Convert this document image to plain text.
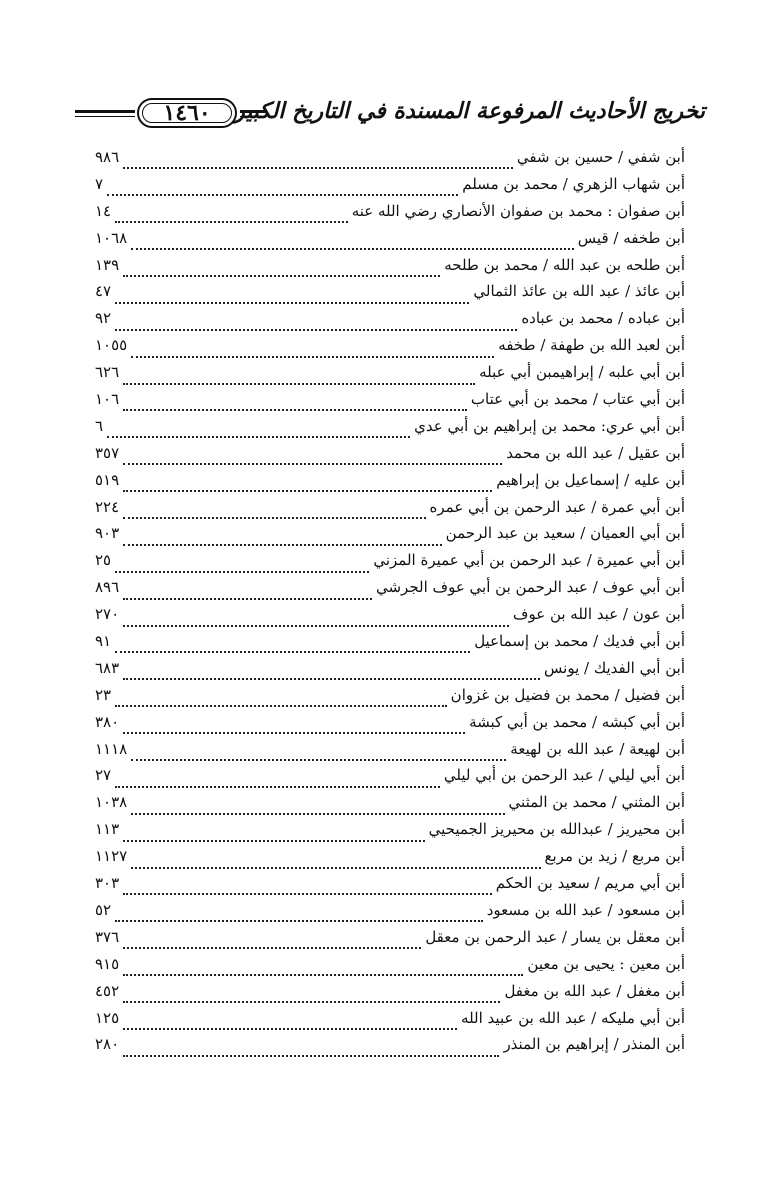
تخريج الأحاديث المرفوعة المسندة في التاريخ الكبير
١٤٦٠
أبن شفي / حسين بن شفي
٩٨٦
أبن شهاب الزهري / محمد بن مسلم
٧
أبن صفوان : محمد بن صفوان الأنصاري رضي الله عنه
١٤
أبن طخفه / قيس
١٠٦٨
أبن طلحه بن عبد الله / محمد بن طلحه
١٣٩
أبن عائذ / عبد الله بن عائذ الثمالي
٤٧
أبن عباده / محمد بن عباده
٩٢
أبن لعبد الله بن طهفة / طخفه
١٠٥٥
أبن أبي علبه / إبراهيمبن أبي عبله
٦٢٦
أبن أبي عتاب / محمد بن أبي عتاب
١٠٦
أبن أبي عري: محمد بن إبراهيم بن أبي عدي
٦
أبن عقيل / عبد الله بن محمد
٣٥٧
أبن عليه / إسماعيل بن إبراهيم
٥١٩
أبن أبي عمرة / عبد الرحمن بن أبي عمره
٢٢٤
أبن أبي العميان / سعيد بن عبد الرحمن
٩٠٣
أبن أبي عميرة / عبد الرحمن بن أبي عميرة المزني
٢٥
أبن أبي عوف / عبد الرحمن بن أبي عوف الجرشي
٨٩٦
أبن عون / عبد الله بن عوف
٢٧٠
أبن أبي فديك / محمد بن إسماعيل
٩١
أبن أبي الفديك / يونس
٦٨٣
أبن فضيل / محمد بن فضيل بن غزوان
٢٣
أبن أبي كبشه / محمد بن أبي كبشة
٣٨٠
أبن لهيعة / عبد الله بن لهيعة
١١١٨
أبن أبي ليلي / عبد الرحمن بن أبي ليلي
٢٧
أبن المثني / محمد بن المثني
١٠٣٨
أبن محيريز / عبدالله بن محيريز الجميحيي
١١٣
أبن مربع / زيد بن مربع
١١٢٧
أبن أبي مريم / سعيد بن الحكم
٣٠٣
أبن مسعود / عبد الله بن مسعود
٥٢
أبن معقل بن يسار / عبد الرحمن بن معقل
٣٧٦
أبن معين : يحيى بن معين
٩١٥
أبن مغفل / عبد الله بن مغفل
٤٥٢
أبن أبي مليكه / عبد الله بن عبيد الله
١٢٥
أبن المنذر / إبراهيم بن المنذر
٢٨٠
